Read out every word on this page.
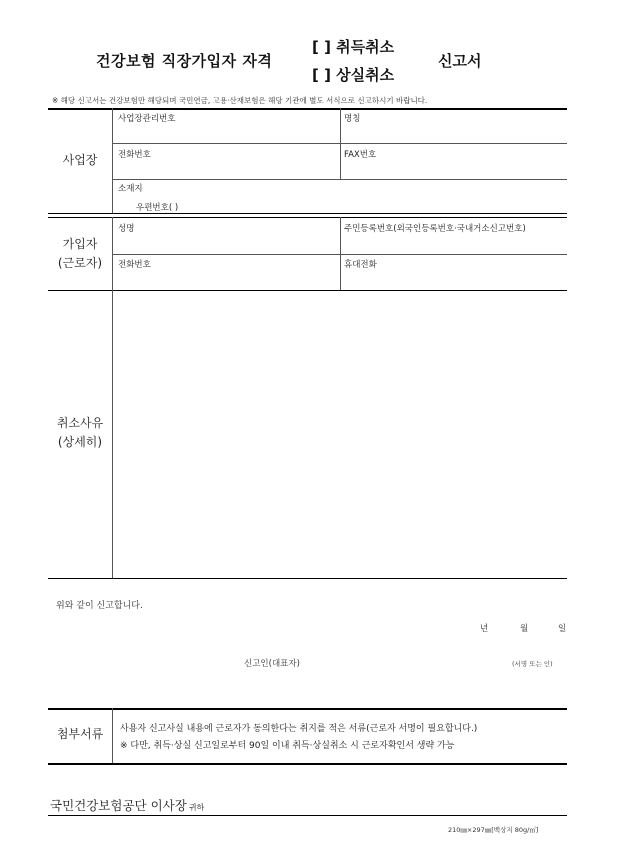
건강보험 직장가입자 자격
[ ] 취득취소
[ ] 상실취소
신고서
※ 해당 신고서는 건강보험만 해당되며 국민연금, 고용·산재보험은 해당 기관에 별도 서식으로 신고하시기 바랍니다.
사업장
사업장관리번호	명칭
전화번호	FAX번호
소재지
우편번호( )
가입자
(근로자)
성명	주민등록번호(외국인등록번호·국내거소신고번호)
전화번호	휴대전화
취소사유
(상세히)
위와 같이 신고합니다.
년	월	일
신고인(대표자)	(서명 또는 인)
첨부서류	사용자 신고사실 내용에 근로자가 동의한다는 취지를 적은 서류(근로자 서명이 필요합니다.)
※ 다만, 취득·상실 신고일로부터 90일 이내 취득·상실취소 시 근로자확인서 생략 가능
국민건강보험공단 이사장 귀하
210㎜×297㎜[백상지 80g/㎡]
